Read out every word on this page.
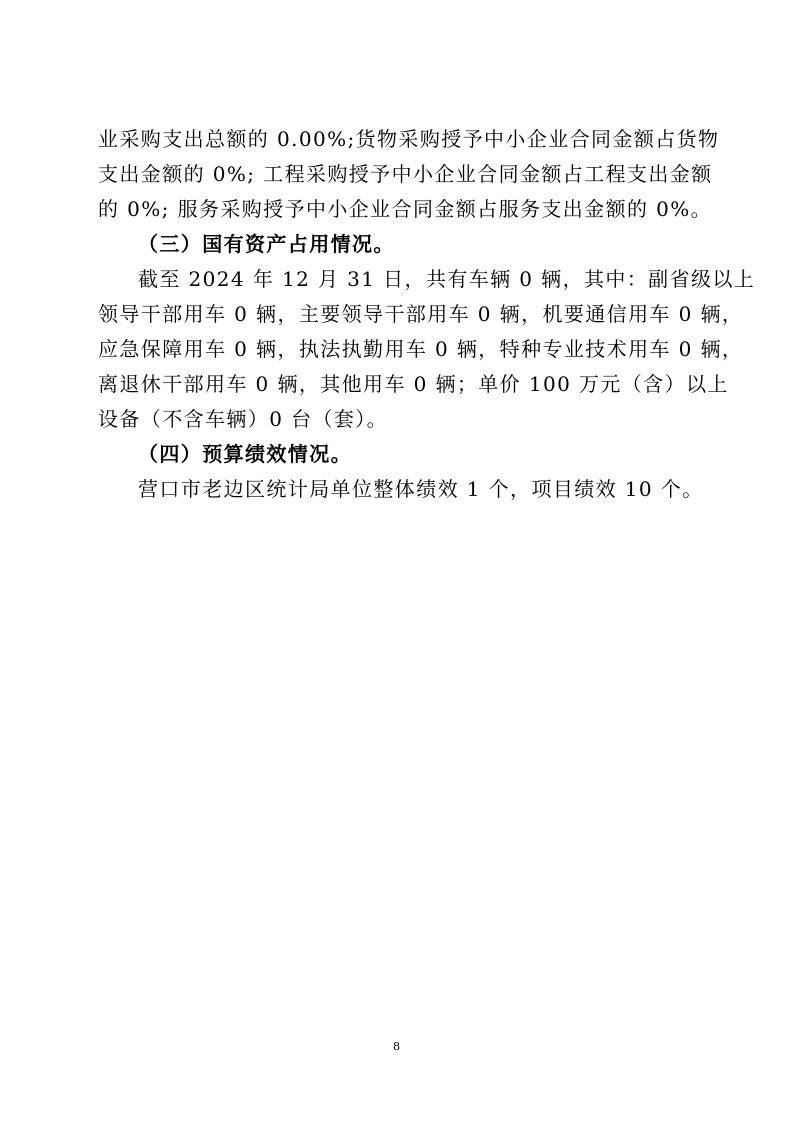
业采购支出总额的 0.00%;货物采购授予中小企业合同金额占货物
支出金额的 0%; 工程采购授予中小企业合同金额占工程支出金额
的 0%; 服务采购授予中小企业合同金额占服务支出金额的 0%。
（三）国有资产占用情况。
截至 2024 年 12 月 31 日，共有车辆 0 辆，其中：副省级以上
领导干部用车 0 辆，主要领导干部用车 0 辆，机要通信用车 0 辆，
应急保障用车 0 辆，执法执勤用车 0 辆，特种专业技术用车 0 辆，
离退休干部用车 0 辆，其他用车 0 辆；单价 100 万元（含）以上
设备（不含车辆）0 台（套）。
（四）预算绩效情况。
营口市老边区统计局单位整体绩效 1 个，项目绩效 10 个。
8
